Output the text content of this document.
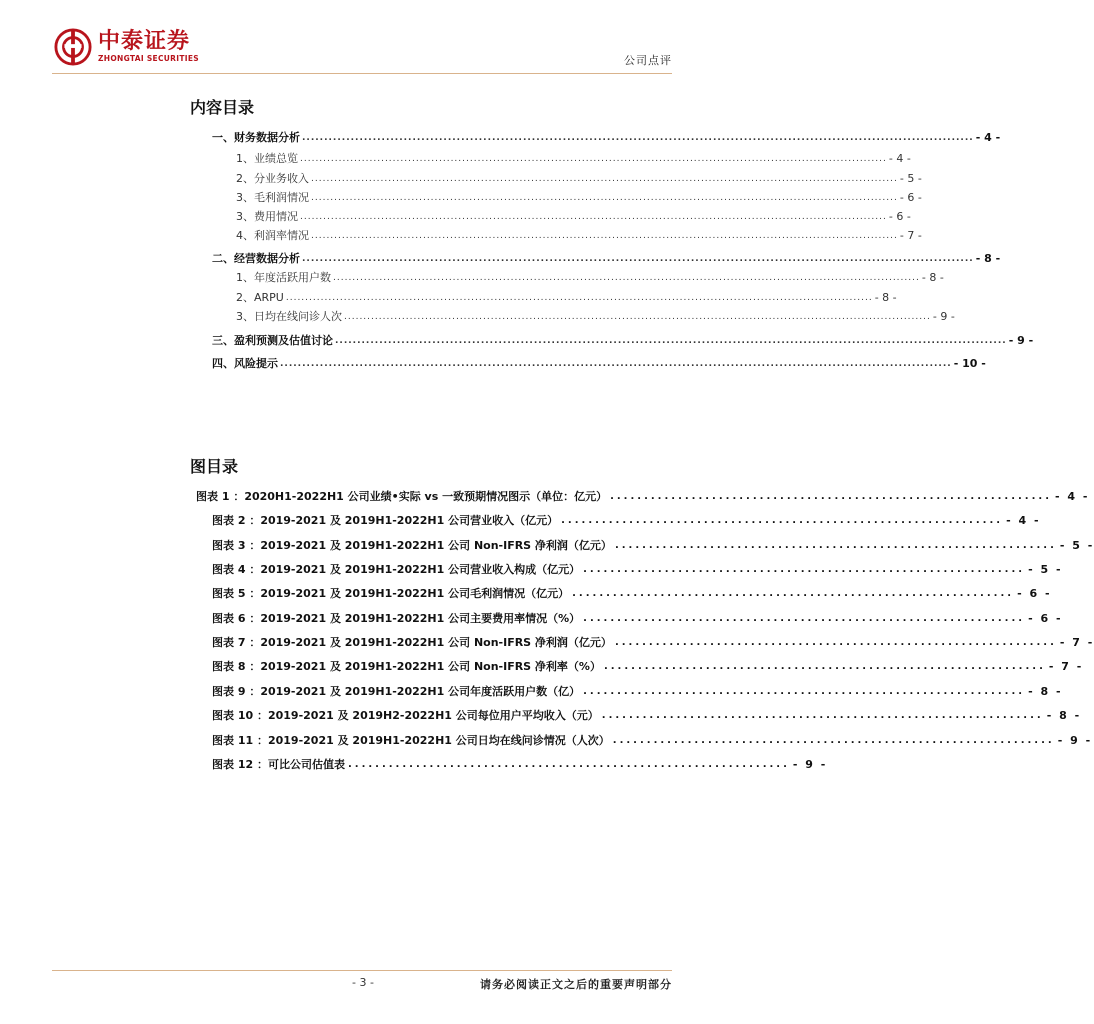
中泰证券
ZHONGTAI SECURITIES	公司点评
内容目录
一、财务数据分析 ........................................................................................................................................................ - 4 -
1、业绩总览 ........................................................................................................................................................ - 4 -
2、分业务收入 ........................................................................................................................................................ - 5 -
3、毛利润情况 ........................................................................................................................................................ - 6 -
3、费用情况 ........................................................................................................................................................ - 6 -
4、利润率情况 ........................................................................................................................................................ - 7 -
二、经营数据分析 ........................................................................................................................................................ - 8 -
1、年度活跃用户数 ........................................................................................................................................................ - 8 -
2、ARPU ........................................................................................................................................................ - 8 -
3、日均在线问诊人次 ........................................................................................................................................................ - 9 -
三、盈利预测及估值讨论 ........................................................................................................................................................ - 9 -
四、风险提示 ........................................................................................................................................................ - 10 -
图目录
图表 1 ：2020H1-2022H1 公司业绩•实际 vs 一致预期情况图示（单位：亿元） ................................................................. - 4 -
图表 2 ：2019-2021 及 2019H1-2022H1 公司营业收入（亿元） ................................................................. - 4 -
图表 3 ：2019-2021 及 2019H1-2022H1 公司 Non-IFRS 净利润（亿元） ................................................................. - 5 -
图表 4 ：2019-2021 及 2019H1-2022H1 公司营业收入构成（亿元） ................................................................. - 5 -
图表 5 ：2019-2021 及 2019H1-2022H1 公司毛利润情况（亿元） ................................................................. - 6 -
图表 6 ：2019-2021 及 2019H1-2022H1 公司主要费用率情况（%） ................................................................. - 6 -
图表 7 ：2019-2021 及 2019H1-2022H1 公司 Non-IFRS 净利润（亿元） ................................................................. - 7 -
图表 8 ：2019-2021 及 2019H1-2022H1 公司 Non-IFRS 净利率（%） ................................................................. - 7 -
图表 9 ：2019-2021 及 2019H1-2022H1 公司年度活跃用户数（亿） ................................................................. - 8 -
图表 10 ：2019-2021 及 2019H2-2022H1 公司每位用户平均收入（元） ................................................................. - 8 -
图表 11 ：2019-2021 及 2019H1-2022H1 公司日均在线问诊情况（人次） ................................................................. - 9 -
图表 12 ：可比公司估值表 ................................................................. - 9 -
- 3 -	请务必阅读正文之后的重要声明部分
